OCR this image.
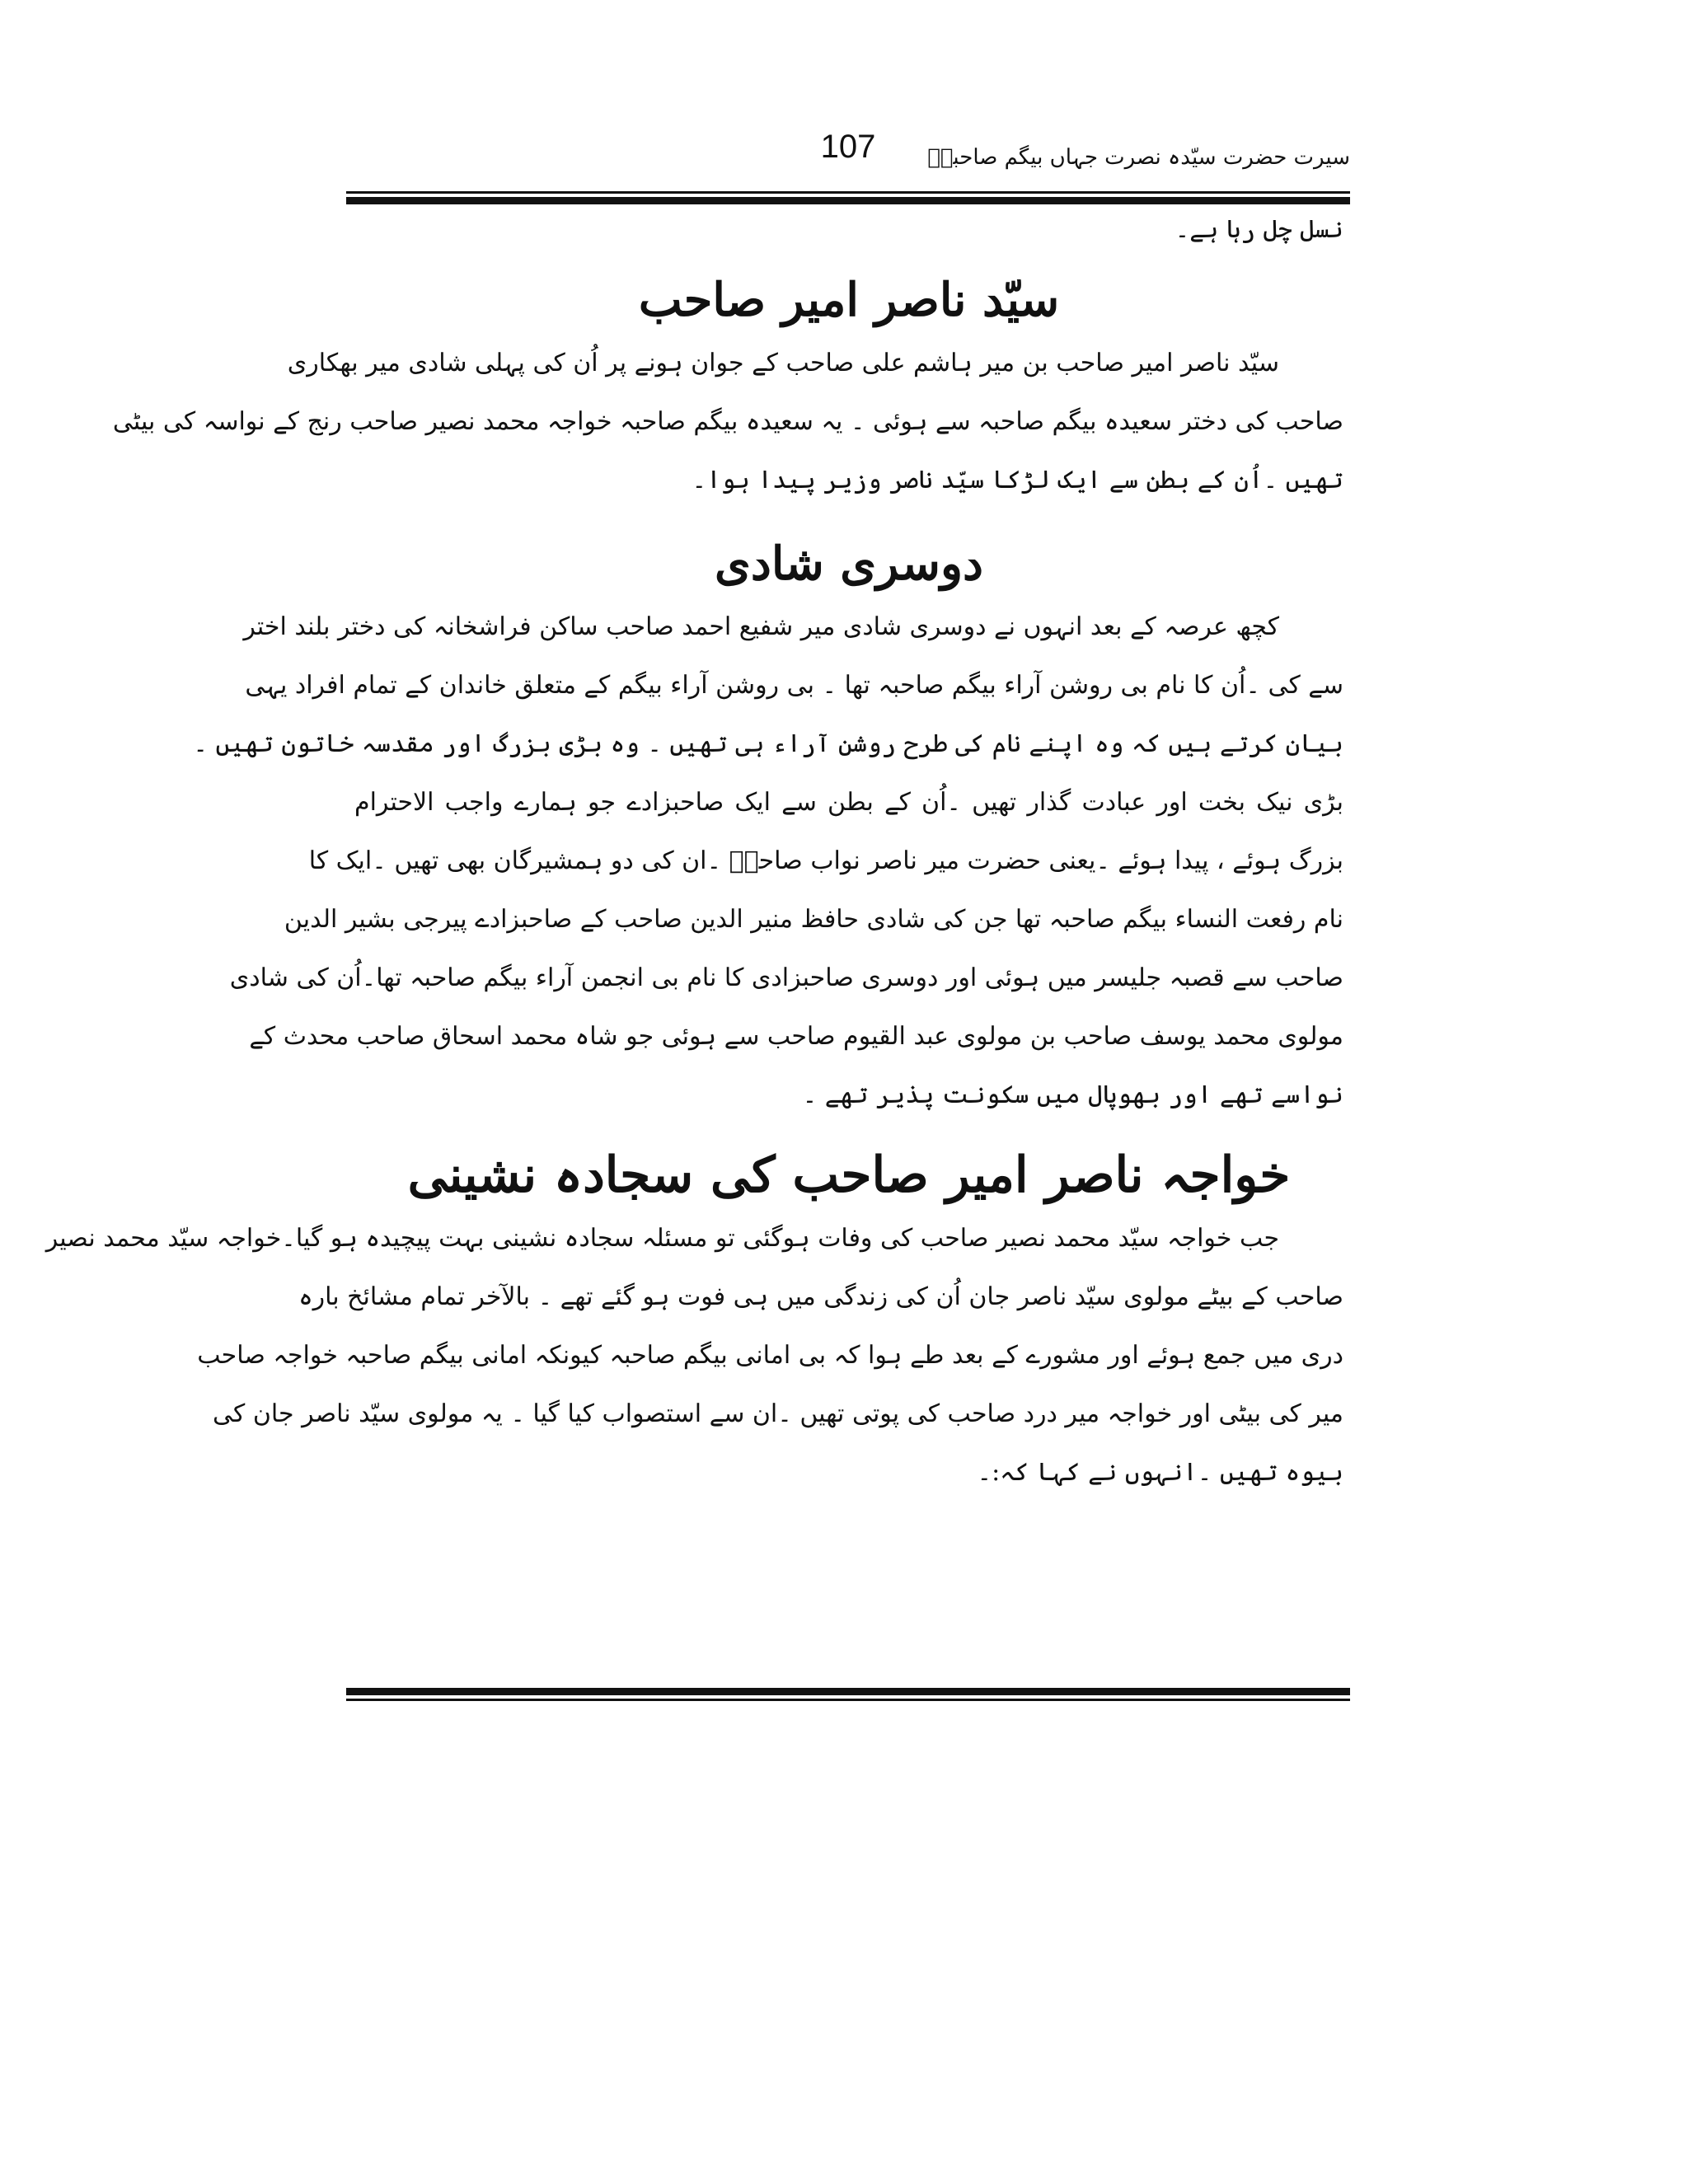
107	سیرت حضرت سیّدہ نصرت جہاں بیگم صاحبہؓ
نسل چل رہا ہے۔
سیّد ناصر امیر صاحب
سیّد ناصر امیر صاحب بن میر ہاشم علی صاحب کے جوان ہونے پر اُن کی پہلی شادی میر بھکاری
صاحب کی دختر سعیدہ بیگم صاحبہ سے ہوئی ۔ یہ سعیدہ بیگم صاحبہ خواجہ محمد نصیر صاحب رنج کے نواسہ کی بیٹی
تھیں ۔اُن کے بطن سے ایک لڑکا سیّد ناصر وزیر پیدا ہوا۔
دوسری شادی
کچھ عرصہ کے بعد انہوں نے دوسری شادی میر شفیع احمد صاحب ساکن فراشخانہ کی دختر بلند اختر
سے کی ۔اُن کا نام بی روشن آراء بیگم صاحبہ تھا ۔ بی روشن آراء بیگم کے متعلق خاندان کے تمام افراد یہی
بیان کرتے ہیں کہ وہ اپنے نام کی طرح روشن آراء ہی تھیں ۔ وہ بڑی بزرگ اور مقدسہ خاتون تھیں ۔
بڑی نیک بخت اور عبادت گذار تھیں ۔اُن کے بطن سے ایک صاحبزادے جو ہمارے واجب الاحترام
بزرگ ہوئے ، پیدا ہوئے ۔یعنی حضرت میر ناصر نواب صاحبؓ ۔ان کی دو ہمشیرگان بھی تھیں ۔ایک کا
نام رفعت النساء بیگم صاحبہ تھا جن کی شادی حافظ منیر الدین صاحب کے صاحبزادے پیرجی بشیر الدین
صاحب سے قصبہ جلیسر میں ہوئی اور دوسری صاحبزادی کا نام بی انجمن آراء بیگم صاحبہ تھا۔اُن کی شادی
مولوی محمد یوسف صاحب بن مولوی عبد القیوم صاحب سے ہوئی جو شاہ محمد اسحاق صاحب محدث کے
نواسے تھے اور بھوپال میں سکونت پذیر تھے ۔
خواجہ ناصر امیر صاحب کی سجادہ نشینی
جب خواجہ سیّد محمد نصیر صاحب کی وفات ہوگئی تو مسئلہ سجادہ نشینی بہت پیچیدہ ہو گیا۔خواجہ سیّد محمد نصیر
صاحب کے بیٹے مولوی سیّد ناصر جان اُن کی زندگی میں ہی فوت ہو گئے تھے ۔ بالآخر تمام مشائخ بارہ
دری میں جمع ہوئے اور مشورے کے بعد طے ہوا کہ بی امانی بیگم صاحبہ کیونکہ امانی بیگم صاحبہ خواجہ صاحب
میر کی بیٹی اور خواجہ میر درد صاحب کی پوتی تھیں ۔ان سے استصواب کیا گیا ۔ یہ مولوی سیّد ناصر جان کی
بیوہ تھیں ۔انہوں نے کہا کہ:۔
